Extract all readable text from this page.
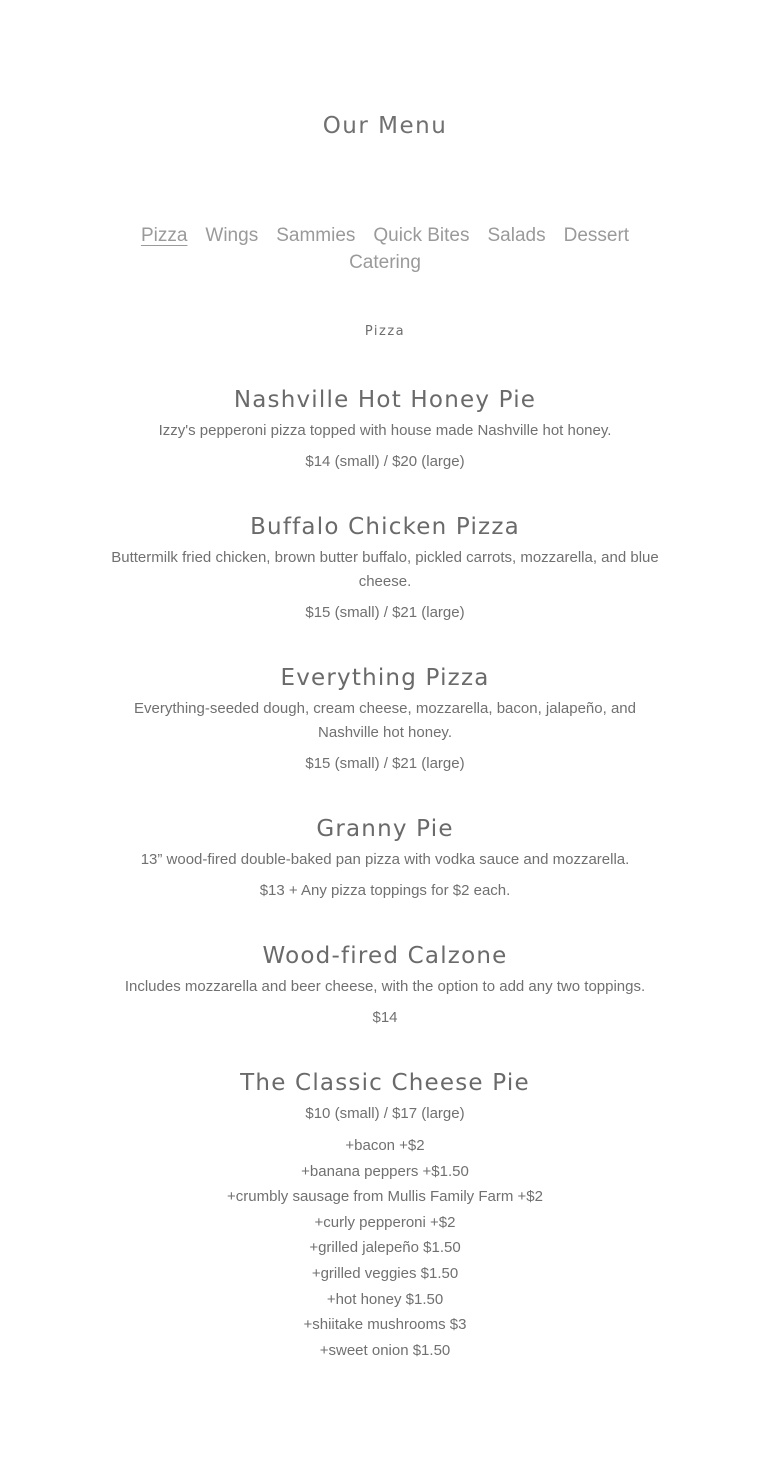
Our Menu
Pizza Wings Sammies Quick Bites Salads Dessert
Catering
Pizza
Nashville Hot Honey Pie

Izzy's pepperoni pizza topped with house made Nashville hot honey.

$14 (small) / $20 (large)

Buffalo Chicken Pizza

Buttermilk fried chicken, brown butter buffalo, pickled carrots, mozzarella, and blue cheese.

$15 (small) / $21 (large)

Everything Pizza

Everything-seeded dough, cream cheese, mozzarella, bacon, jalapeño, and Nashville hot honey.

$15 (small) / $21 (large)

Granny Pie

13” wood-fired double-baked pan pizza with vodka sauce and mozzarella.

$13 + Any pizza toppings for $2 each.

Wood-fired Calzone

Includes mozzarella and beer cheese, with the option to add any two toppings.

$14

The Classic Cheese Pie

$10 (small) / $17 (large)

+bacon +$2
+banana peppers +$1.50
+crumbly sausage from Mullis Family Farm +$2
+curly pepperoni +$2
+grilled jalepeño $1.50
+grilled veggies $1.50
+hot honey $1.50
+shiitake mushrooms $3
+sweet onion $1.50
